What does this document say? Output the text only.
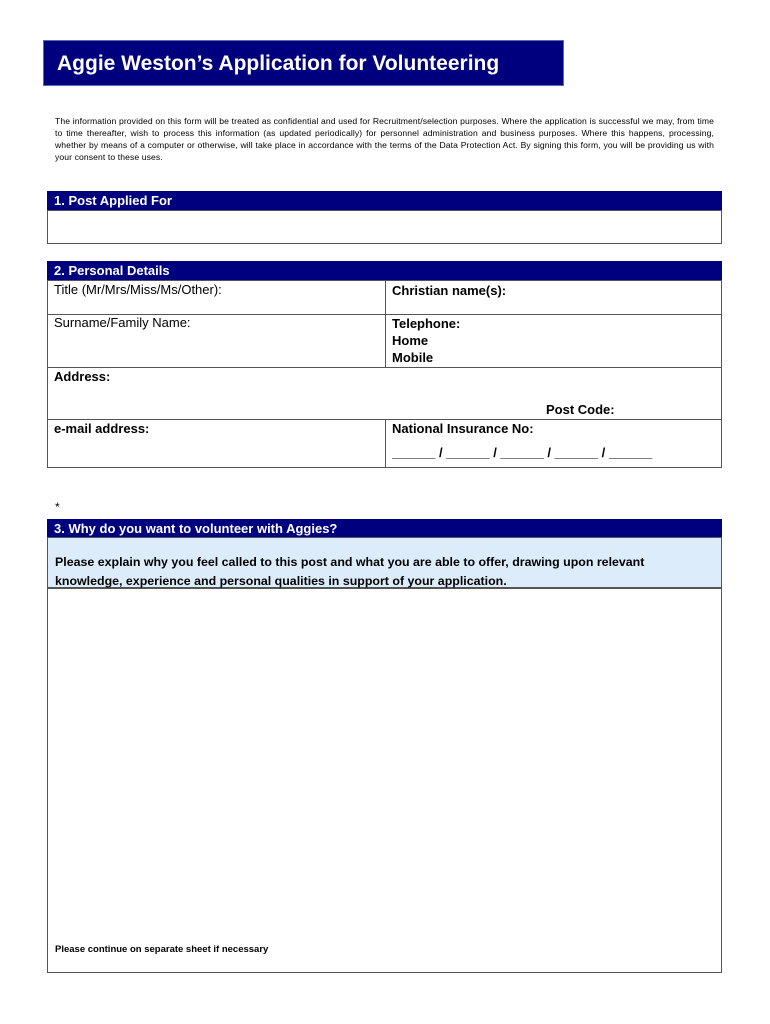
Aggie Weston’s Application for Volunteering
The information provided on this form will be treated as confidential and used for Recruitment/selection purposes. Where the application is successful we may, from time to time thereafter, wish to process this information (as updated periodically) for personnel administration and business purposes. Where this happens, processing, whether by means of a computer or otherwise, will take place in accordance with the terms of the Data Protection Act. By signing this form, you will be providing us with your consent to these uses.
1. Post Applied For
2. Personal Details
Title (Mr/Mrs/Miss/Ms/Other):	Christian name(s):
Surname/Family Name:	Telephone:
Home
Mobile
Address:
Post Code:
e-mail address:	National Insurance No:
______ / ______ / ______ / ______ / ______
*
3. Why do you want to volunteer with Aggies?
Please explain why you feel called to this post and what you are able to offer, drawing upon relevant knowledge, experience and personal qualities in support of your application.
Please continue on separate sheet if necessary
